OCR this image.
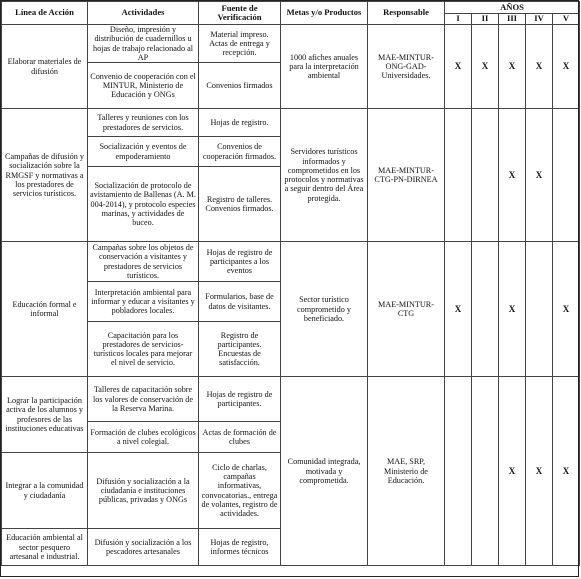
Línea de Acción	Actividades	Fuente de Verificación	Metas y/o Productos	Responsable	AÑOS				
					I	II	III	IV	V
Elaborar materiales de difusión	Diseño, impresión y distribución de cuadernillos u hojas de trabajo relacionado al AP	Material impreso. Actas de entrega y recepción.	1000 afiches anuales para la interpretación ambiental	MAE-MINTUR-ONG-GAD-Universidades.	X	X	X	X	X
	Convenio de cooperación con el MINTUR, Ministerio de Educación y ONGs	Convenios firmados							
Campañas de difusión y socialización sobre la RMGSF y normativas a los prestadores de servicios turísticos.	Talleres y reuniones con los prestadores de servicios.	Hojas de registro.	Servidores turísticos informados y comprometidos en los protocolos y normativas a seguir dentro del Área protegida.	MAE-MINTUR-CTG-PN-DIRNEA			X	X	
	Socialización y eventos de empoderamiento	Convenios de cooperación firmados.							
	Socialización de protocolo de avistamiento de Ballenas (A. M. 004-2014), y protocolo especies marinas, y actividades de buceo.	Registro de talleres. Convenios firmados.							
Educación formal e informal	Campañas sobre los objetos de conservación a visitantes y prestadores de servicios turísticos.	Hojas de registro de participantes a los eventos	Sector turístico comprometido y beneficiado.	MAE-MINTUR-CTG	X		X		X
	Interpretación ambiental para informar y educar a visitantes y pobladores locales.	Formularios, base de datos de visitantes.							
	Capacitación para los prestadores de servicios-turísticos locales para mejorar el nivel de servicio.	Registro de participantes. Encuestas de satisfacción.							
Lograr la participación activa de los alumnos y profesores de las instituciones educativas	Talleres de capacitación sobre los valores de conservación de la Reserva Marina.	Hojas de registro de participantes.	Comunidad integrada, motivada y comprometida.	MAE, SRP, Ministerio de Educación.			X	X	X
	Formación de clubes ecológicos a nivel colegial.	Actas de formación de clubes							
Integrar a la comunidad y ciudadanía	Difusión y socialización a la ciudadanía e instituciones públicas, privadas y ONGs	Ciclo de charlas, campañas informativas, convocatorias., entrega de volantes, registro de actividades.							
Educación ambiental al sector pesquero artesanal e industrial.	Difusión y socialización a los pescadores artesanales	Hojas de registro, informes técnicos							
